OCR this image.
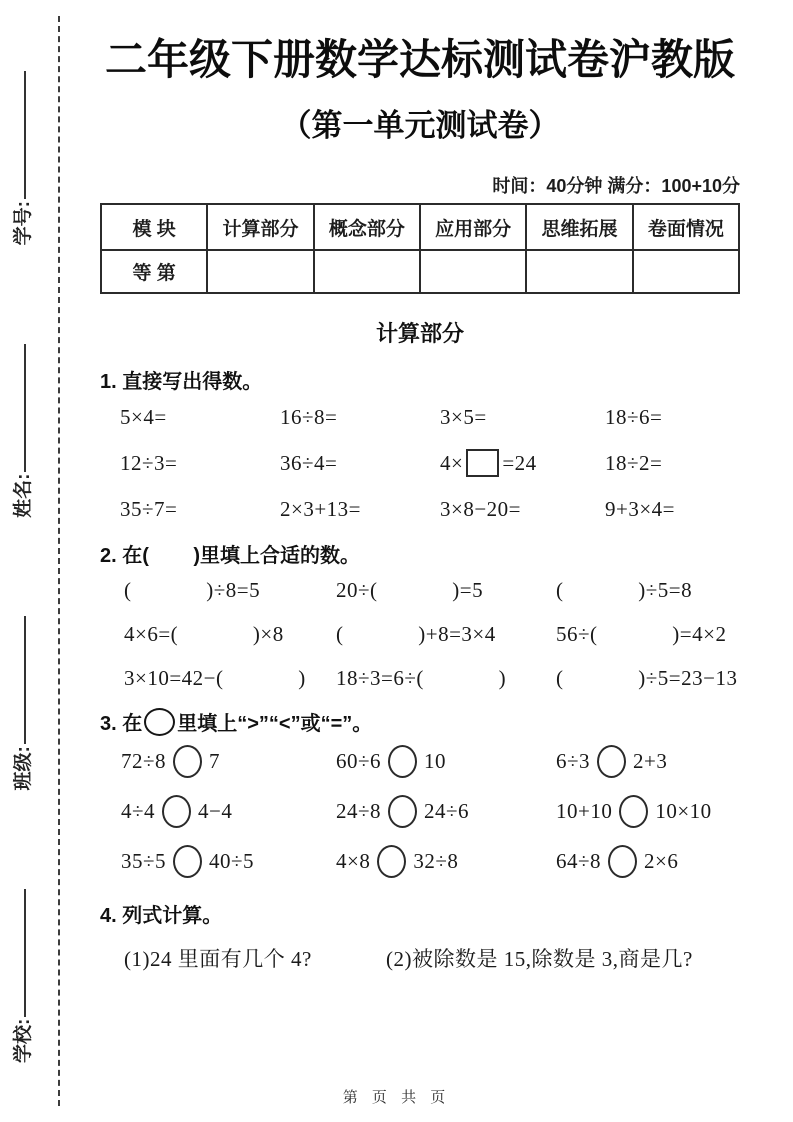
学校:
班级:
姓名:
学号:
二年级下册数学达标测试卷沪教版
（第一单元测试卷）
时间：40分钟 满分：100+10分
模 块	计算部分	概念部分	应用部分	思维拓展	卷面情况
等 第					
计算部分
1. 直接写出得数。
5×4=	16÷8=	3×5=	18÷6=
12÷3=	36÷4=	4× =24	18÷2=
35÷7=	2×3+13=	3×8−20=	9+3×4=
2. 在(        )里填上合适的数。
(             )÷8=5	20÷(             )=5	(             )÷5=8
4×6=(             )×8	(             )+8=3×4	56÷(             )=4×2
3×10=42−(             )	18÷3=6÷(             )	(             )÷5=23−13
3. 在 里填上“>”“<”或“=”。
72÷8 7	60÷6 10	6÷3 2+3
4÷4 4−4	24÷8 24÷6	10+10 10×10
35÷5 40÷5	4×8 32÷8	64÷8 2×6
4. 列式计算。
(1)24 里面有几个 4?	(2)被除数是 15,除数是 3,商是几?
第 页 共 页
